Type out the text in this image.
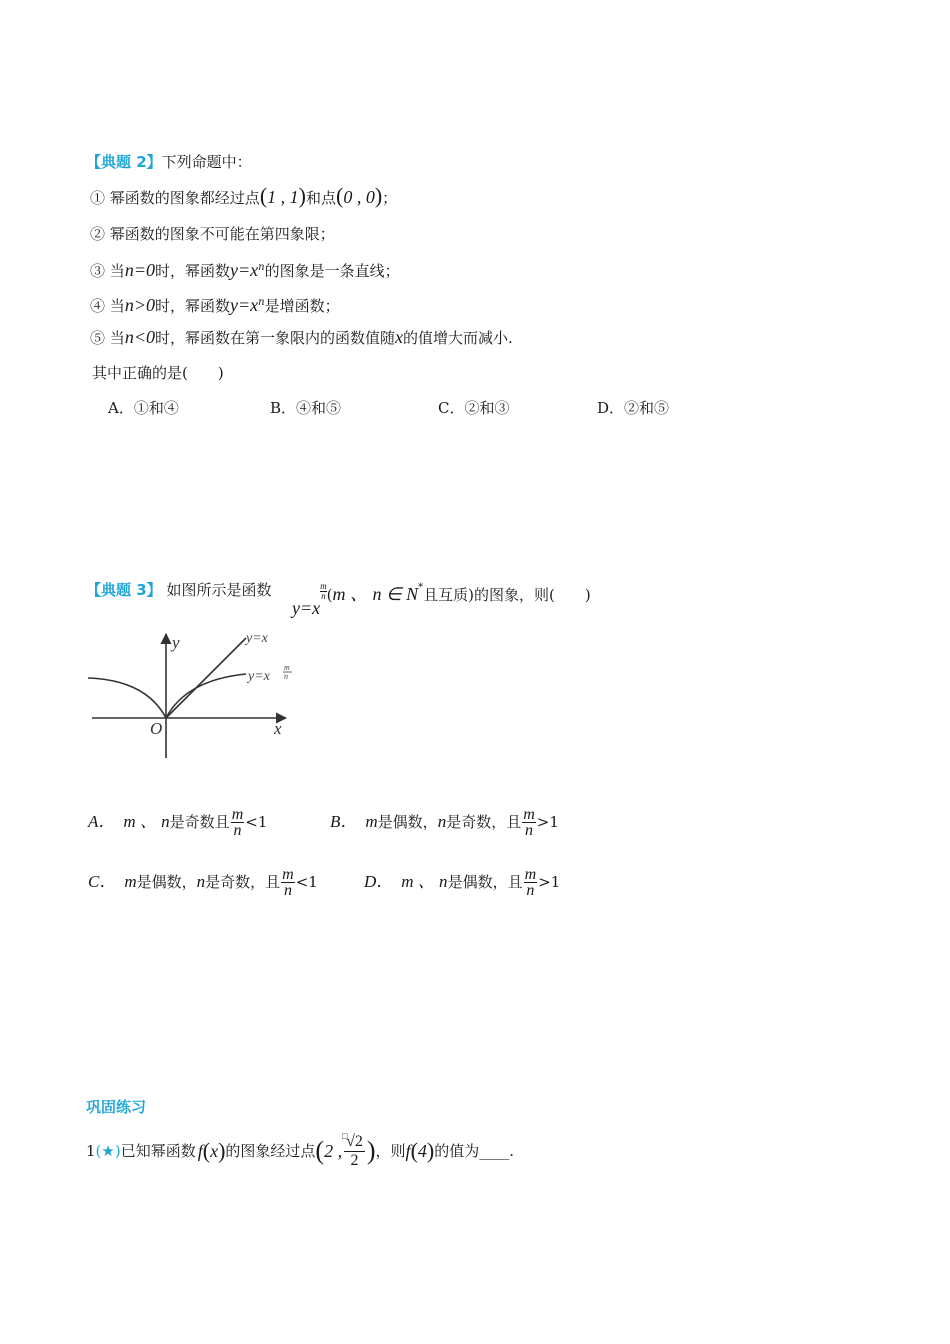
【典题 2】下列命题中：
① 幂函数的图象都经过点(1 , 1)和点(0 , 0)；
② 幂函数的图象不可能在第四象限；
③ 当n=0时，幂函数$y=x^n$的图象是一条直线；
④ 当n>0时，幂函数$y=x^n$是增函数；
⑤ 当n<0时，幂函数在第一象限内的函数值随x的值增大而减小.
其中正确的是(　　)
A．①和④	B．④和⑤	C．②和③	D．②和⑤
【典题 3】 如图所示是函数
y=x
$\frac{m}{n} (m$ 、 n ∈ N*且互质)的图象，则(　　)
y
x
O
y=x
y=x
m
n
A． m 、 n 是奇数且 $\frac{m}{n} <1$	B． m 是偶数， n 是奇数，且 $\frac{m}{n} >1$
C． m 是偶数， n 是奇数，且 $\frac{m}{n} <1$	D． m 、 n 是偶数，且 $\frac{m}{n} >1$
巩固练习
1 (★) 已知幂函数 f ( x ) 的图象经过点 ( 2 , □
√2
2 ) ，则 f ( 4 ) 的值为____.
